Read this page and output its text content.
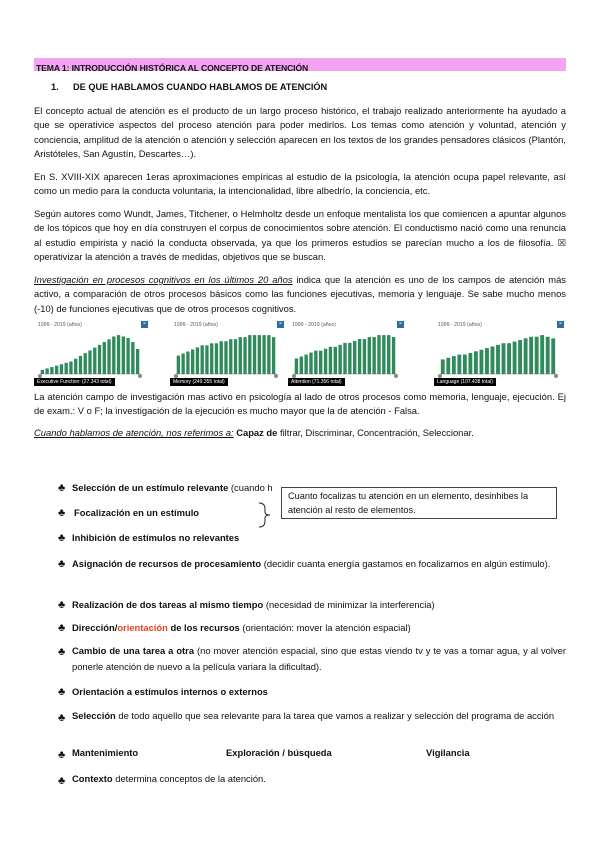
TEMA 1: INTRODUCCIÓN HISTÓRICA AL CONCEPTO DE ATENCIÓN
1. DE QUE HABLAMOS CUANDO HABLAMOS DE ATENCIÓN

El concepto actual de atención es el producto de un largo proceso histórico, el trabajo realizado anteriormente ha ayudado a que se operativice aspectos del proceso atención para poder medirlos. Los temas como atención y voluntad, atención y conciencia, amplitud de la atención o atención y selección aparecen en los textos de los grandes pensadores clásicos (Plantón, Aristóteles, San Agustín, Descartes…).

En S. XVIII-XIX aparecen 1eras aproximaciones empíricas al estudio de la psicología, la atención ocupa papel relevante, así como un medio para la conducta voluntaria, la intencionalidad, libre albedrío, la conciencia, etc.

Según autores como Wundt, James, Titchener, o Helmholtz desde un enfoque mentalista los que comiencen a apuntar algunos de los tópicos que hoy en día construyen el corpus de conocimientos sobre atención. El conductismo nació como una renuncia al estudio empirista y nació la conducta observada, ya que los primeros estudios se parecían mucho a los de filosofía. ☒ operativizar la atención a través de medidas, objetivos que se buscan.

Investigación en procesos cognitivos en los últimos 20 años indica que la atención es uno de los campos de atención más activo, a comparación de otros procesos básicos como las funciones ejecutivas, memoria y lenguaje. Se sabe mucho menos (-10) de funciones ejecutivas que de otros procesos cognitivos.

1999 - 2019 (años)	×
Executive Function: (27.343 total)
1999 - 2019 (años)	×
Memory (249.355 total)
1999 - 2019 (años)	×
Attention (71.356 total)
1999 - 2019 (años)	×
Language (107.438 total)

La atención campo de investigación mas activo en psicología al lado de otros procesos como memoria, lenguaje, ejecución. Ej de exam.: V o F; la investigación de la ejecución es mucho mayor que la de atención - Falsa.

Cuando hablamos de atención, nos referimos a: Capaz de filtrar, Discriminar, Concentración, Seleccionar.

♣ Selección de un estímulo relevante (cuando h
♣ Focalización en un estímulo
Cuanto focalizas tu atención en un elemento, desinhibes la atención al resto de elementos.
♣ Inhibición de estímulos no relevantes
♣ Asignación de recursos de procesamiento (decidir cuanta energía gastamos en focalizarnos en algún estimulo).
♣ Realización de dos tareas al mismo tiempo (necesidad de minimizar la interferencia)
♣ Dirección/orientación de los recursos (orientación: mover la atención espacial)
♣ Cambio de una tarea a otra (no mover atención espacial, sino que estas viendo tv y te vas a tomar agua, y al volver ponerle atención de nuevo a la película variara la dificultad).
♣ Orientación a estímulos internos o externos
♣ Selección de todo aquello que sea relevante para la tarea que vamos a realizar y selección del programa de acción
♣ Mantenimiento	Exploración / búsqueda	Vigilancia
♣ Contexto determina conceptos de la atención.
